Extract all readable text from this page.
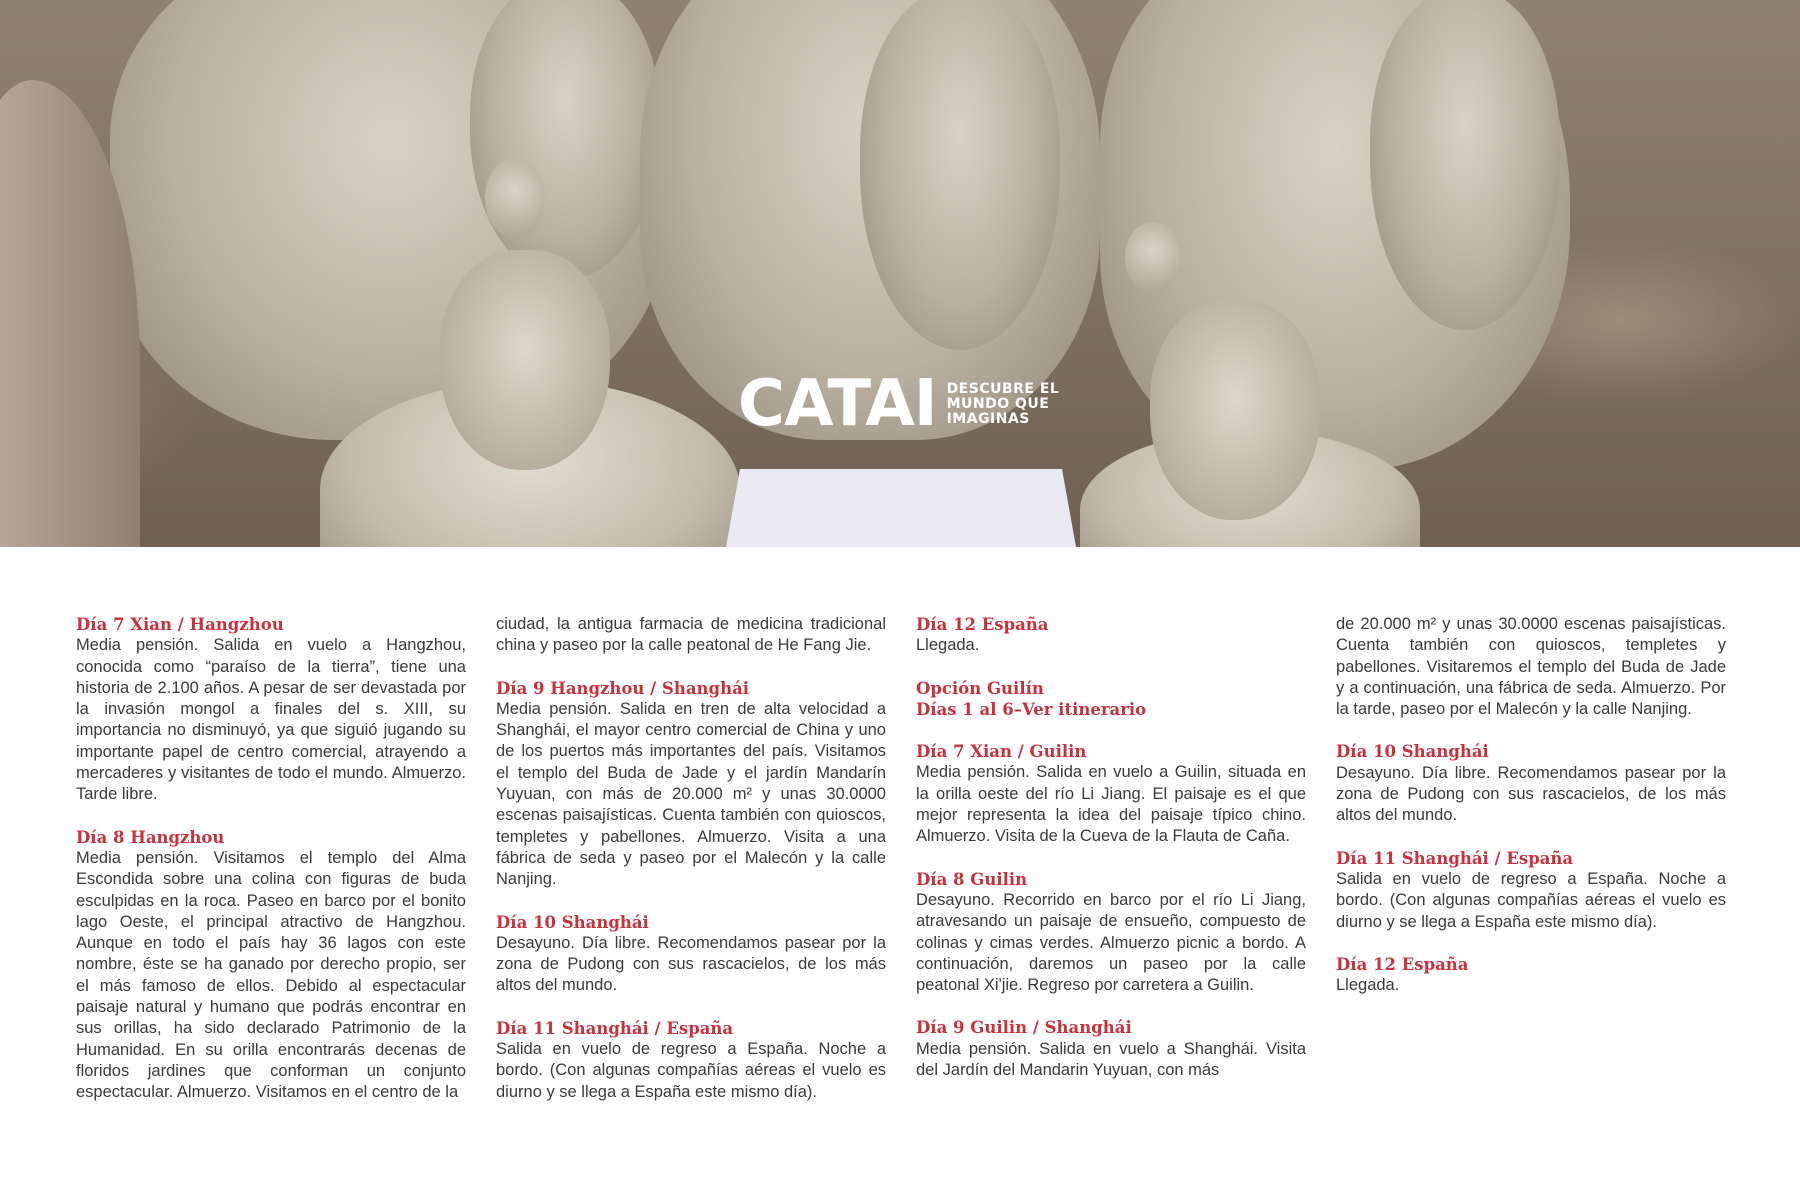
CATAI DESCUBRE EL
MUNDO QUE
IMAGINAS
Día 7 Xian / Hangzhou

Media pensión. Salida en vuelo a Hangzhou, conocida como “paraíso de la tierra”, tiene una historia de 2.100 años. A pesar de ser devastada por la invasión mongol a finales del s. XIII, su importancia no disminuyó, ya que siguió jugando su importante papel de centro comercial, atrayendo a mercaderes y visitantes de todo el mundo. Almuerzo. Tarde libre.

Día 8 Hangzhou

Media pensión. Visitamos el templo del Alma Escondida sobre una colina con figuras de buda esculpidas en la roca. Paseo en barco por el bonito lago Oeste, el principal atractivo de Hangzhou. Aunque en todo el país hay 36 lagos con este nombre, éste se ha ganado por derecho propio, ser el más famoso de ellos. Debido al espectacular paisaje natural y humano que podrás encontrar en sus orillas, ha sido declarado Patrimonio de la Humanidad. En su orilla encontrarás decenas de floridos jardines que conforman un conjunto espectacular. Almuerzo. Visitamos en el centro de la

ciudad, la antigua farmacia de medicina tradicional china y paseo por la calle peatonal de He Fang Jie.

Día 9 Hangzhou / Shanghái

Media pensión. Salida en tren de alta velocidad a Shanghái, el mayor centro comercial de China y uno de los puertos más importantes del país. Visitamos el templo del Buda de Jade y el jardín Mandarín Yuyuan, con más de 20.000 m² y unas 30.0000 escenas paisajísticas. Cuenta también con quioscos, templetes y pabellones. Almuerzo. Visita a una fábrica de seda y paseo por el Malecón y la calle Nanjing.

Día 10 Shanghái

Desayuno. Día libre. Recomendamos pasear por la zona de Pudong con sus rascacielos, de los más altos del mundo.

Día 11 Shanghái / España

Salida en vuelo de regreso a España. Noche a bordo. (Con algunas compañías aéreas el vuelo es diurno y se llega a España este mismo día).

Día 12 España

Llegada.

Opción Guilín
Días 1 al 6–Ver itinerario
Día 7 Xian / Guilin

Media pensión. Salida en vuelo a Guilin, situada en la orilla oeste del río Li Jiang. El paisaje es el que mejor representa la idea del paisaje típico chino. Almuerzo. Visita de la Cueva de la Flauta de Caña.

Día 8 Guilin

Desayuno. Recorrido en barco por el río Li Jiang, atravesando un paisaje de ensueño, compuesto de colinas y cimas verdes. Almuerzo picnic a bordo. A continuación, daremos un paseo por la calle peatonal Xi'jie. Regreso por carretera a Guilin.

Día 9 Guilin / Shanghái

Media pensión. Salida en vuelo a Shanghái. Visita del Jardín del Mandarin Yuyuan, con más

de 20.000 m² y unas 30.0000 escenas paisajísticas. Cuenta también con quioscos, templetes y pabellones. Visitaremos el templo del Buda de Jade y a continuación, una fábrica de seda. Almuerzo. Por la tarde, paseo por el Malecón y la calle Nanjing.

Día 10 Shanghái

Desayuno. Día libre. Recomendamos pasear por la zona de Pudong con sus rascacielos, de los más altos del mundo.

Día 11 Shanghái / España

Salida en vuelo de regreso a España. Noche a bordo. (Con algunas compañías aéreas el vuelo es diurno y se llega a España este mismo día).

Día 12 España

Llegada.
